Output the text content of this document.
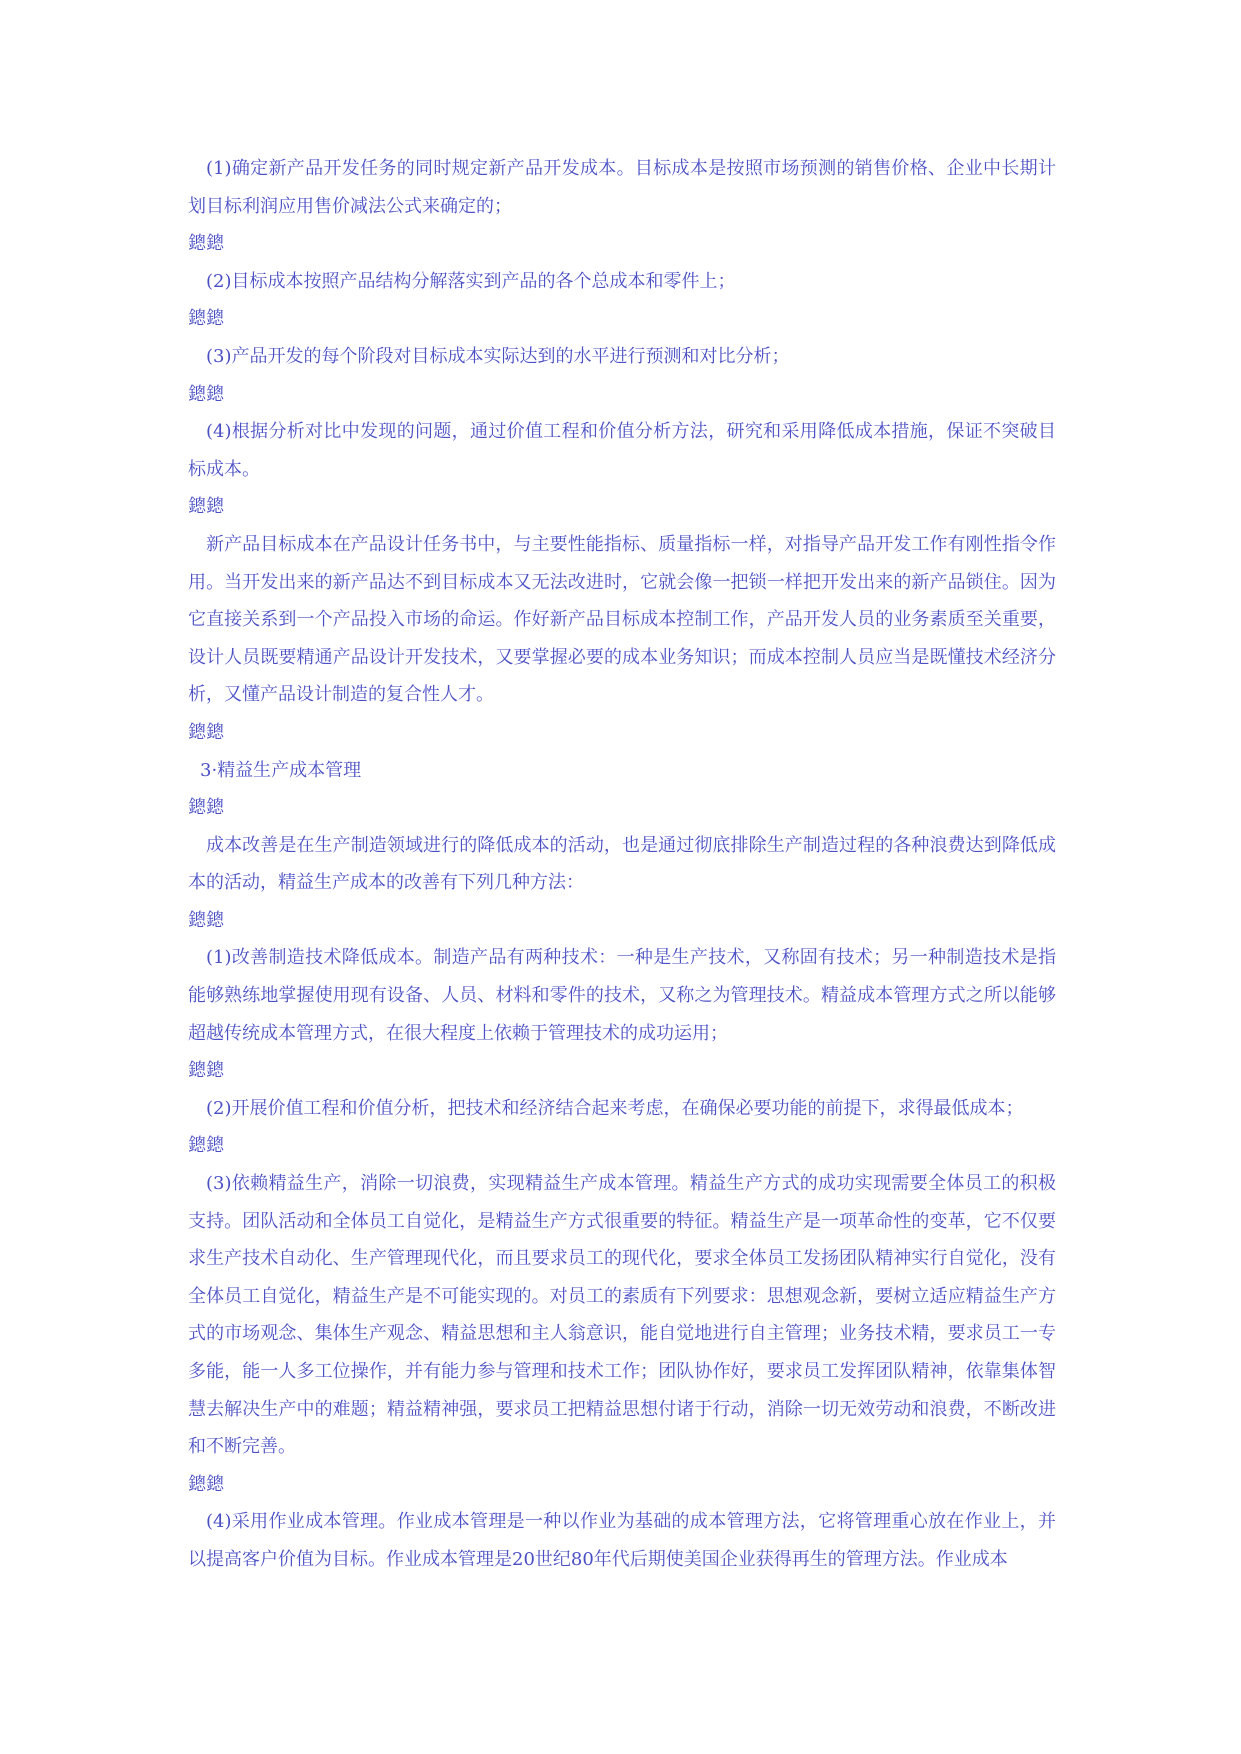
(1)确定新产品开发任务的同时规定新产品开发成本。目标成本是按照市场预测的销售价格、企业中长期计划目标利润应用售价减法公式来确定的；

鏓鏓

(2)目标成本按照产品结构分解落实到产品的各个总成本和零件上；

鏓鏓

(3)产品开发的每个阶段对目标成本实际达到的水平进行预测和对比分析；

鏓鏓

(4)根据分析对比中发现的问题，通过价值工程和价值分析方法，研究和采用降低成本措施，保证不突破目标成本。

鏓鏓

新产品目标成本在产品设计任务书中，与主要性能指标、质量指标一样，对指导产品开发工作有刚性指令作用。当开发出来的新产品达不到目标成本又无法改进时，它就会像一把锁一样把开发出来的新产品锁住。因为它直接关系到一个产品投入市场的命运。作好新产品目标成本控制工作，产品开发人员的业务素质至关重要，设计人员既要精通产品设计开发技术，又要掌握必要的成本业务知识；而成本控制人员应当是既懂技术经济分析，又懂产品设计制造的复合性人才。

鏓鏓

3·精益生产成本管理

鏓鏓

成本改善是在生产制造领域进行的降低成本的活动，也是通过彻底排除生产制造过程的各种浪费达到降低成本的活动，精益生产成本的改善有下列几种方法：

鏓鏓

(1)改善制造技术降低成本。制造产品有两种技术：一种是生产技术，又称固有技术；另一种制造技术是指能够熟练地掌握使用现有设备、人员、材料和零件的技术，又称之为管理技术。精益成本管理方式之所以能够超越传统成本管理方式，在很大程度上依赖于管理技术的成功运用；

鏓鏓

(2)开展价值工程和价值分析，把技术和经济结合起来考虑，在确保必要功能的前提下，求得最低成本；

鏓鏓

(3)依赖精益生产，消除一切浪费，实现精益生产成本管理。精益生产方式的成功实现需要全体员工的积极支持。团队活动和全体员工自觉化，是精益生产方式很重要的特征。精益生产是一项革命性的变革，它不仅要求生产技术自动化、生产管理现代化，而且要求员工的现代化，要求全体员工发扬团队精神实行自觉化，没有全体员工自觉化，精益生产是不可能实现的。对员工的素质有下列要求：思想观念新，要树立适应精益生产方式的市场观念、集体生产观念、精益思想和主人翁意识，能自觉地进行自主管理；业务技术精，要求员工一专多能，能一人多工位操作，并有能力参与管理和技术工作；团队协作好，要求员工发挥团队精神，依靠集体智慧去解决生产中的难题；精益精神强，要求员工把精益思想付诸于行动，消除一切无效劳动和浪费，不断改进和不断完善。

鏓鏓

(4)采用作业成本管理。作业成本管理是一种以作业为基础的成本管理方法，它将管理重心放在作业上，并以提高客户价值为目标。作业成本管理是20世纪80年代后期使美国企业获得再生的管理方法。作业成本
